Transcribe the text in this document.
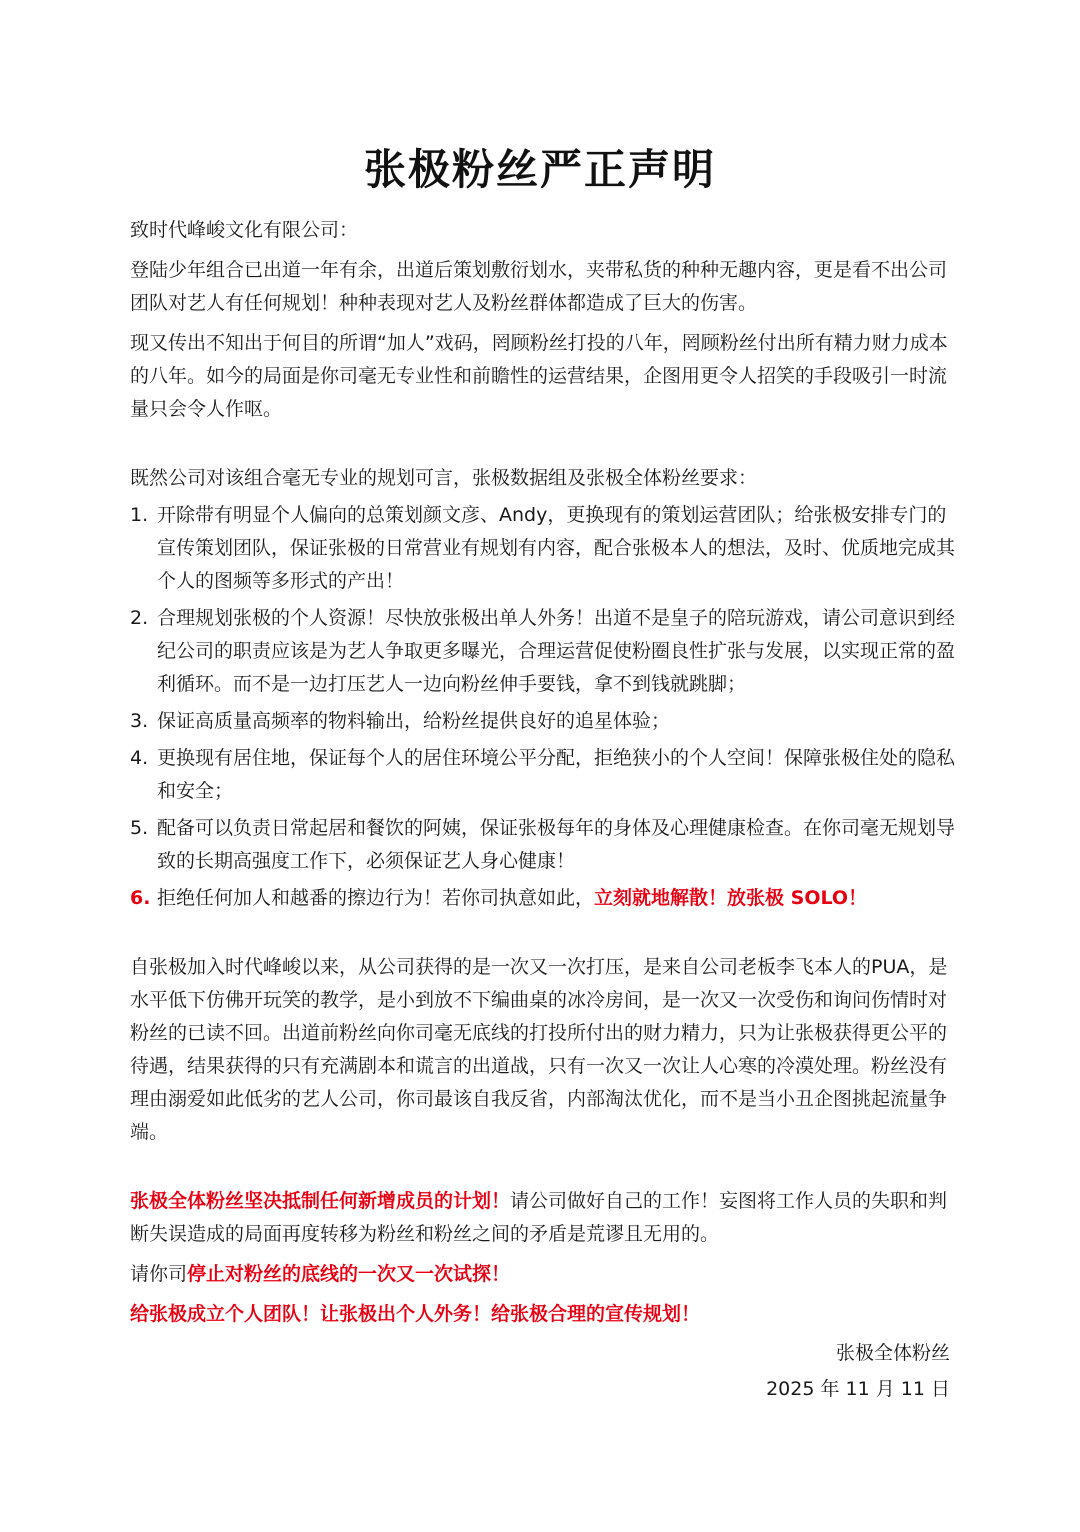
张极粉丝严正声明

致时代峰峻文化有限公司：

登陆少年组合已出道一年有余，出道后策划敷衍划水，夹带私货的种种无趣内容，更是看不出公司团队对艺人有任何规划！种种表现对艺人及粉丝群体都造成了巨大的伤害。

现又传出不知出于何目的所谓“加人”戏码，罔顾粉丝打投的八年，罔顾粉丝付出所有精力财力成本的八年。如今的局面是你司毫无专业性和前瞻性的运营结果，企图用更令人招笑的手段吸引一时流量只会令人作呕。

既然公司对该组合毫无专业的规划可言，张极数据组及张极全体粉丝要求：

1. 开除带有明显个人偏向的总策划颜文彦、Andy，更换现有的策划运营团队；给张极安排专门的宣传策划团队，保证张极的日常营业有规划有内容，配合张极本人的想法，及时、优质地完成其个人的图频等多形式的产出！
2. 合理规划张极的个人资源！尽快放张极出单人外务！出道不是皇子的陪玩游戏，请公司意识到经纪公司的职责应该是为艺人争取更多曝光，合理运营促使粉圈良性扩张与发展，以实现正常的盈利循环。而不是一边打压艺人一边向粉丝伸手要钱，拿不到钱就跳脚；
3. 保证高质量高频率的物料输出，给粉丝提供良好的追星体验；
4. 更换现有居住地，保证每个人的居住环境公平分配，拒绝狭小的个人空间！保障张极住处的隐私和安全；
5. 配备可以负责日常起居和餐饮的阿姨，保证张极每年的身体及心理健康检查。在你司毫无规划导致的长期高强度工作下，必须保证艺人身心健康！
6. 拒绝任何加人和越番的擦边行为！若你司执意如此，立刻就地解散！放张极 SOLO！

自张极加入时代峰峻以来，从公司获得的是一次又一次打压，是来自公司老板李飞本人的PUA，是水平低下仿佛开玩笑的教学，是小到放不下编曲桌的冰冷房间，是一次又一次受伤和询问伤情时对粉丝的已读不回。出道前粉丝向你司毫无底线的打投所付出的财力精力，只为让张极获得更公平的待遇，结果获得的只有充满剧本和谎言的出道战，只有一次又一次让人心寒的冷漠处理。粉丝没有理由溺爱如此低劣的艺人公司，你司最该自我反省，内部淘汰优化，而不是当小丑企图挑起流量争端。

张极全体粉丝坚决抵制任何新增成员的计划！请公司做好自己的工作！妄图将工作人员的失职和判断失误造成的局面再度转移为粉丝和粉丝之间的矛盾是荒谬且无用的。

请你司停止对粉丝的底线的一次又一次试探！

给张极成立个人团队！让张极出个人外务！给张极合理的宣传规划！

张极全体粉丝
2025 年 11 月 11 日
